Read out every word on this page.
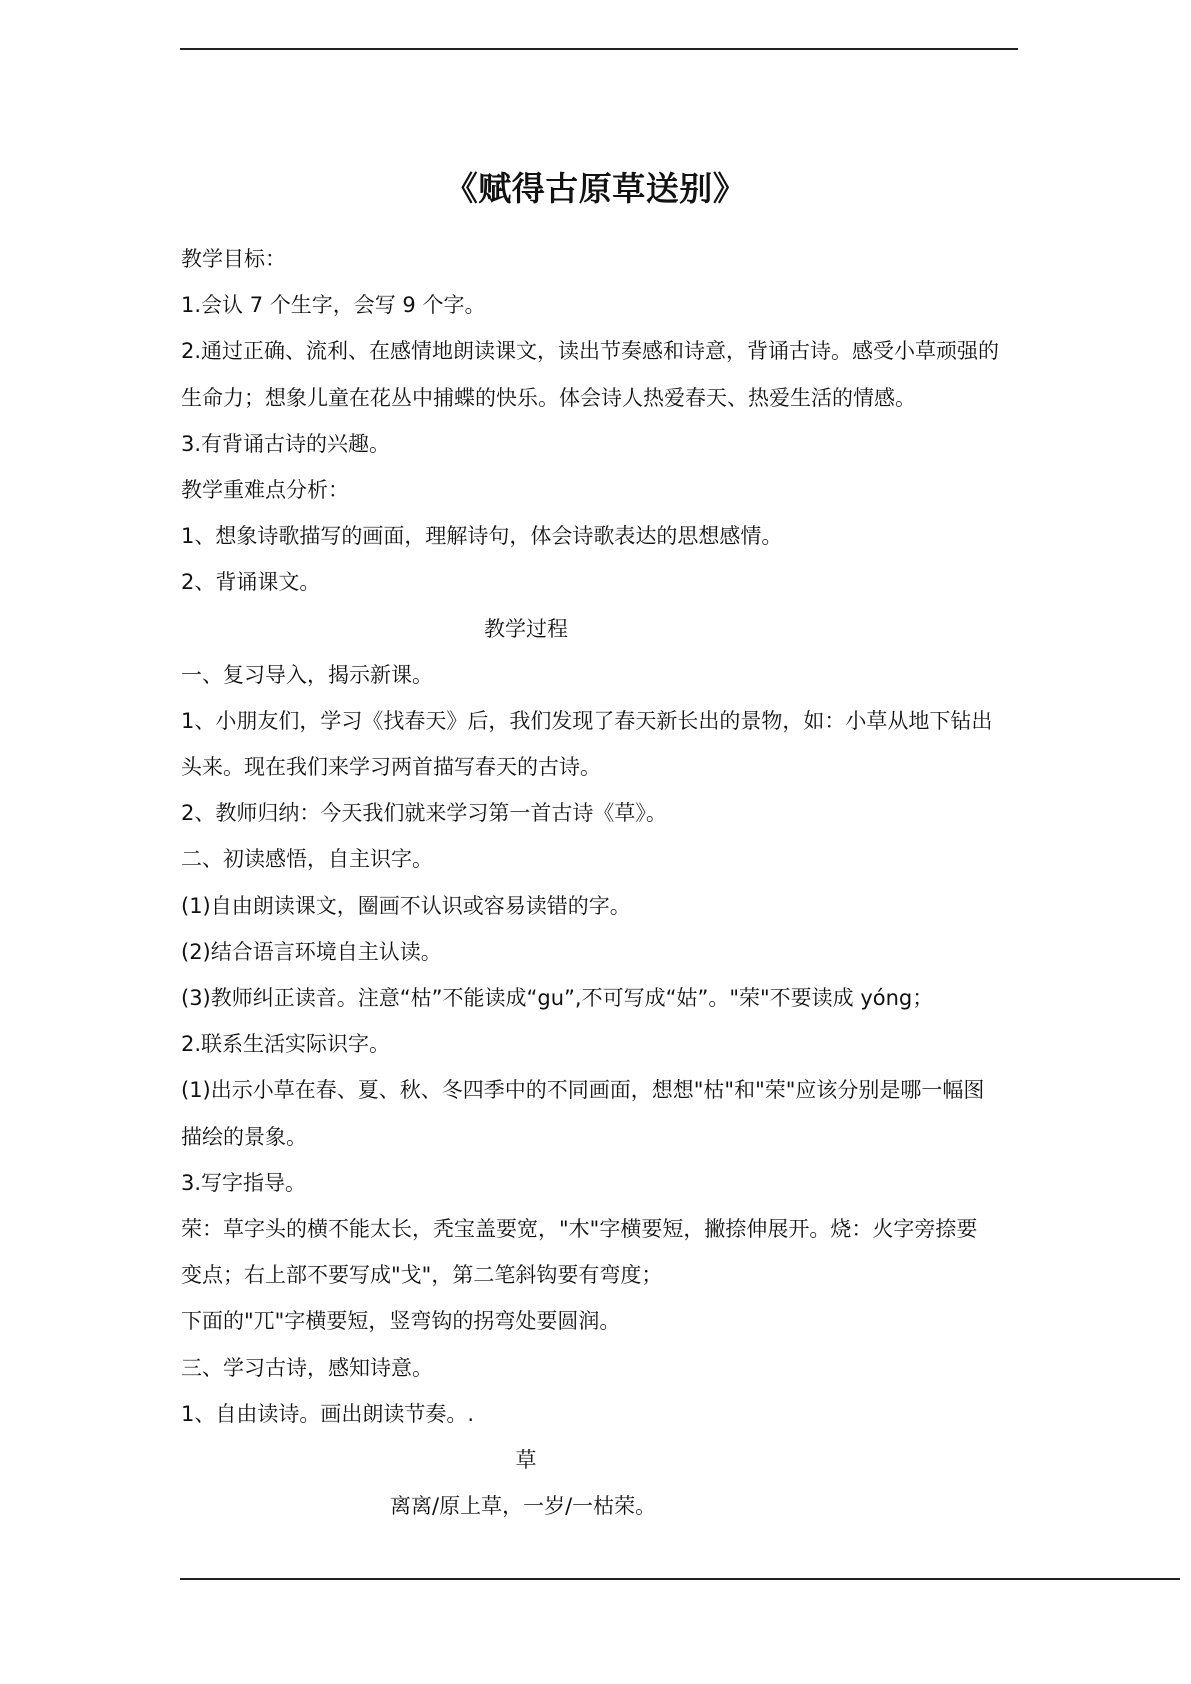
《赋得古原草送别》
教学目标：
1.会认 7 个生字，会写 9 个字。
2.通过正确、流利、在感情地朗读课文，读出节奏感和诗意，背诵古诗。感受小草顽强的
生命力；想象儿童在花丛中捕蝶的快乐。体会诗人热爱春天、热爱生活的情感。
3.有背诵古诗的兴趣。
教学重难点分析：
1、想象诗歌描写的画面，理解诗句，体会诗歌表达的思想感情。
2、背诵课文。
教学过程
一、复习导入，揭示新课。
1、小朋友们，学习《找春天》后，我们发现了春天新长出的景物，如：小草从地下钻出
头来。现在我们来学习两首描写春天的古诗。
2、教师归纳：今天我们就来学习第一首古诗《草》。
二、初读感悟，自主识字。
(1)自由朗读课文，圈画不认识或容易读错的字。
(2)结合语言环境自主认读。
(3)教师纠正读音。注意“枯”不能读成“gu”,不可写成“姑”。"荣"不要读成 yóng；
2.联系生活实际识字。
(1)出示小草在春、夏、秋、冬四季中的不同画面，想想"枯"和"荣"应该分别是哪一幅图
描绘的景象。
3.写字指导。
荣：草字头的横不能太长，秃宝盖要宽，"木"字横要短，撇捺伸展开。烧：火字旁捺要
变点；右上部不要写成"戈"，第二笔斜钩要有弯度；
下面的"兀"字横要短，竖弯钩的拐弯处要圆润。
三、学习古诗，感知诗意。
1、自由读诗。画出朗读节奏。.
草
离离/原上草，一岁/一枯荣。
